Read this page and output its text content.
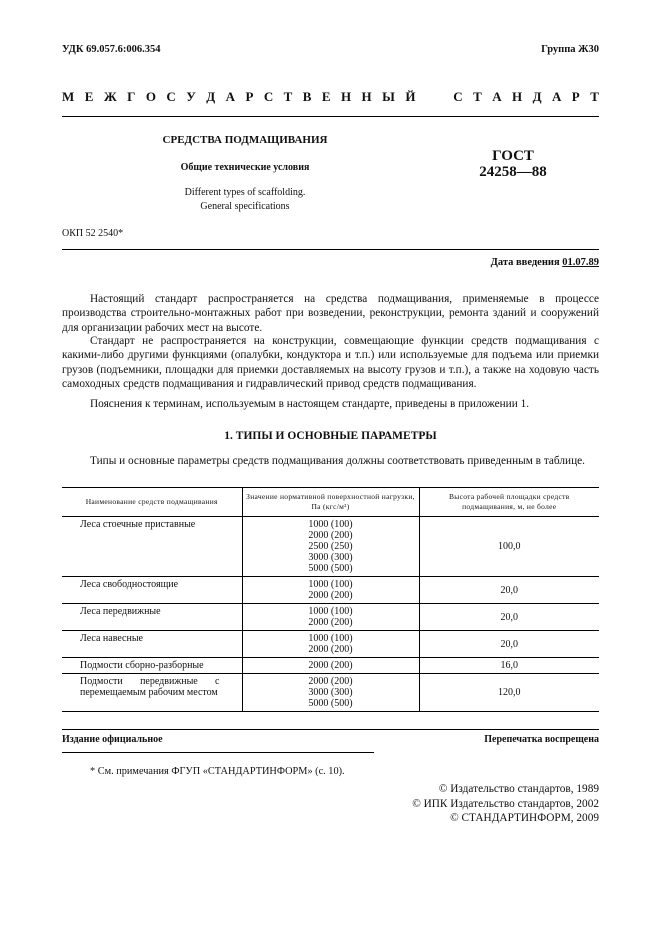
УДК 69.057.6:006.354	Группа Ж30
М Е Ж Г О С У Д А Р С Т В Е Н Н Ы Й

	С Т А Н Д А Р Т
СРЕДСТВА ПОДМАЩИВАНИЯ
Общие технические условия
Different types of scaffolding.
General specifications
ГОСТ
24258—88
ОКП 52 2540*
Дата введения 01.07.89

Настоящий стандарт распространяется на средства подмащивания, применяемые в процессе производства строительно-монтажных работ при возведении, реконструкции, ремонта зданий и сооружений для организации рабочих мест на высоте.

Стандарт не распространяется на конструкции, совмещающие функции средств подмащивания с какими-либо другими функциями (опалубки, кондуктора и т.п.) или используемые для подъема или приемки грузов (подъемники, площадки для приемки доставляемых на высоту грузов и т.п.), а также на ходовую часть самоходных средств подмащивания и гидравлический привод средств подмащивания.

Пояснения к терминам, используемым в настоящем стандарте, приведены в приложении 1.

1. ТИПЫ И ОСНОВНЫЕ ПАРАМЕТРЫ

Типы и основные параметры средств подмащивания должны соответствовать приведенным в таблице.

Наименование средств подмащивания	Значение нормативной поверхностной нагрузки, Па (кгс/м²)	Высота рабочей площадки средств подмащивания, м, не более
Леса стоечные приставные	1000 (100)
2000 (200)
2500 (250)
3000 (300)
5000 (500)	100,0
Леса свободностоящие	1000 (100)
2000 (200)	20,0
Леса передвижные	1000 (100)
2000 (200)	20,0
Леса навесные	1000 (100)
2000 (200)	20,0
Подмости сборно-разборные	2000 (200)	16,0
Подмости передвижные с перемещаемым рабочим местом	2000 (200)
3000 (300)
5000 (500)	120,0
Издание официальное	Перепечатка воспрещена
* См. примечания ФГУП «СТАНДАРТИНФОРМ» (с. 10).
© Издательство стандартов, 1989
© ИПК Издательство стандартов, 2002
© СТАНДАРТИНФОРМ, 2009
